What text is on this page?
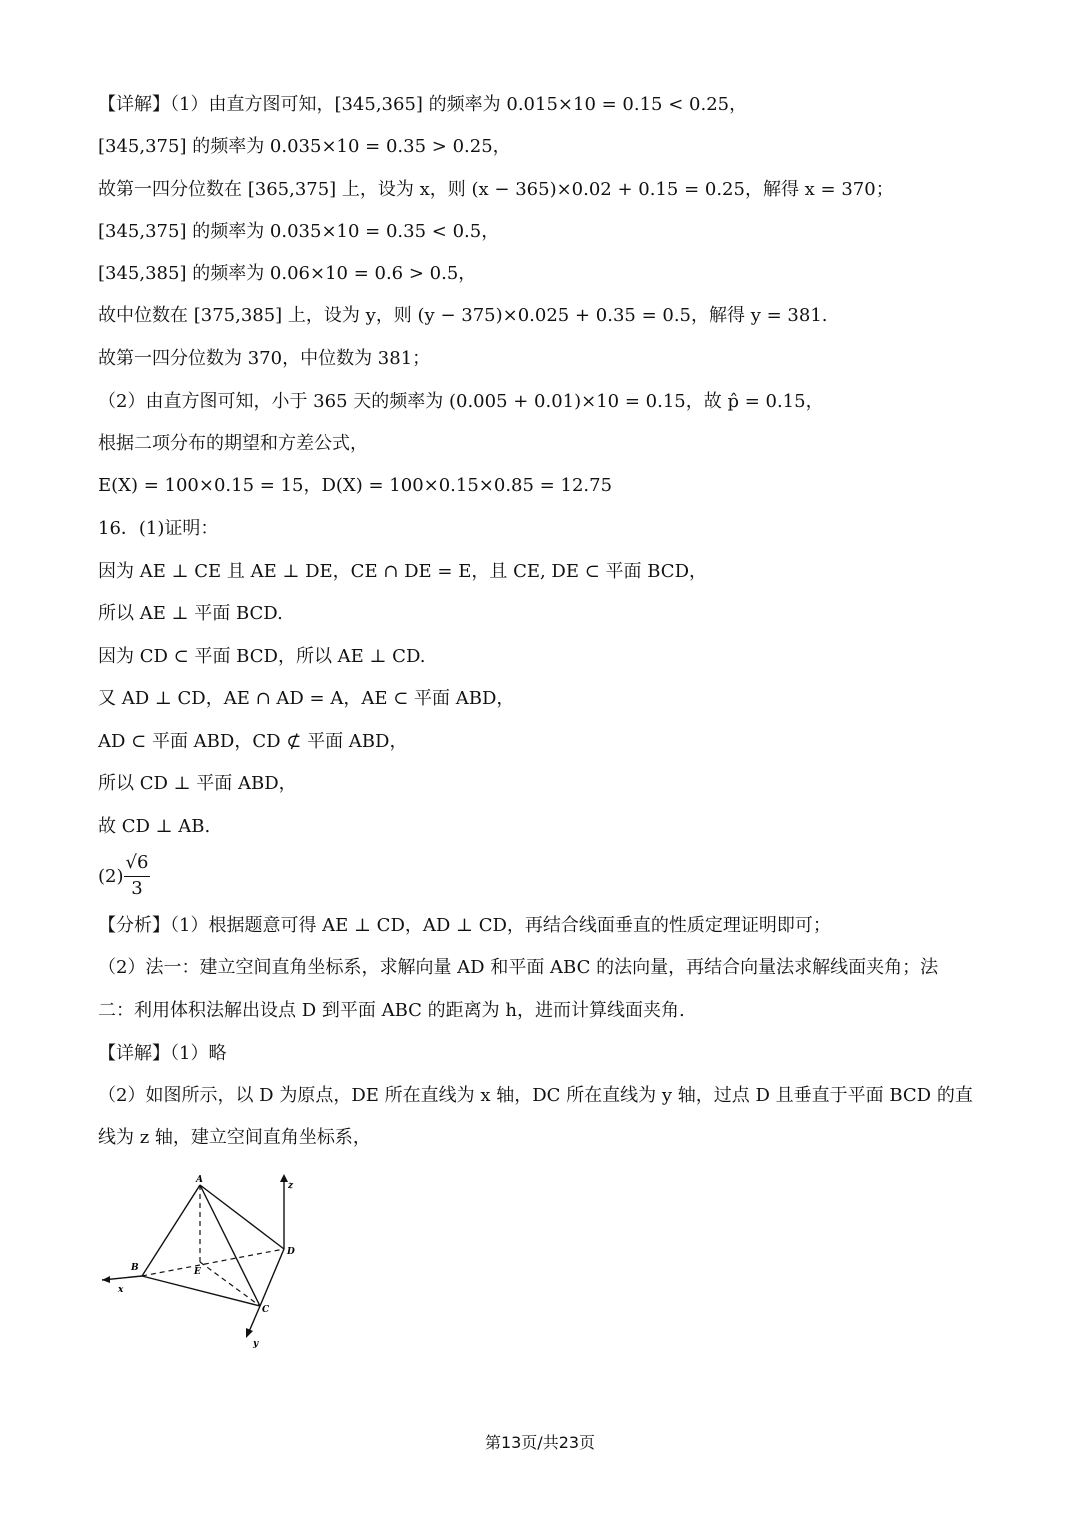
【详解】（1）由直方图可知，[345,365] 的频率为 0.015×10 = 0.15 < 0.25，
[345,375] 的频率为 0.035×10 = 0.35 > 0.25，
故第一四分位数在 [365,375] 上，设为 x，则 (x − 365)×0.02 + 0.15 = 0.25，解得 x = 370；
[345,375] 的频率为 0.035×10 = 0.35 < 0.5，
[345,385] 的频率为 0.06×10 = 0.6 > 0.5，
故中位数在 [375,385] 上，设为 y，则 (y − 375)×0.025 + 0.35 = 0.5，解得 y = 381.
故第一四分位数为 370，中位数为 381；
（2）由直方图可知，小于 365 天的频率为 (0.005 + 0.01)×10 = 0.15，故 p̂ = 0.15，
根据二项分布的期望和方差公式，
E(X) = 100×0.15 = 15，D(X) = 100×0.15×0.85 = 12.75
16．(1)证明：
因为 AE ⊥ CE 且 AE ⊥ DE，CE ∩ DE = E，且 CE, DE ⊂ 平面 BCD，
所以 AE ⊥ 平面 BCD.
因为 CD ⊂ 平面 BCD，所以 AE ⊥ CD.
又 AD ⊥ CD，AE ∩ AD = A，AE ⊂ 平面 ABD，
AD ⊂ 平面 ABD，CD ⊄ 平面 ABD，
所以 CD ⊥ 平面 ABD，
故 CD ⊥ AB.
(2)
√6
3
【分析】（1）根据题意可得 AE ⊥ CD，AD ⊥ CD，再结合线面垂直的性质定理证明即可；
（2）法一：建立空间直角坐标系，求解向量 AD 和平面 ABC 的法向量，再结合向量法求解线面夹角；法
二：利用体积法解出设点 D 到平面 ABC 的距离为 h，进而计算线面夹角.
【详解】（1）略
（2）如图所示，以 D 为原点，DE 所在直线为 x 轴，DC 所在直线为 y 轴，过点 D 且垂直于平面 BCD 的直
线为 z 轴，建立空间直角坐标系，
A
B
C
D
E
x
y
z
第13页/共23页
